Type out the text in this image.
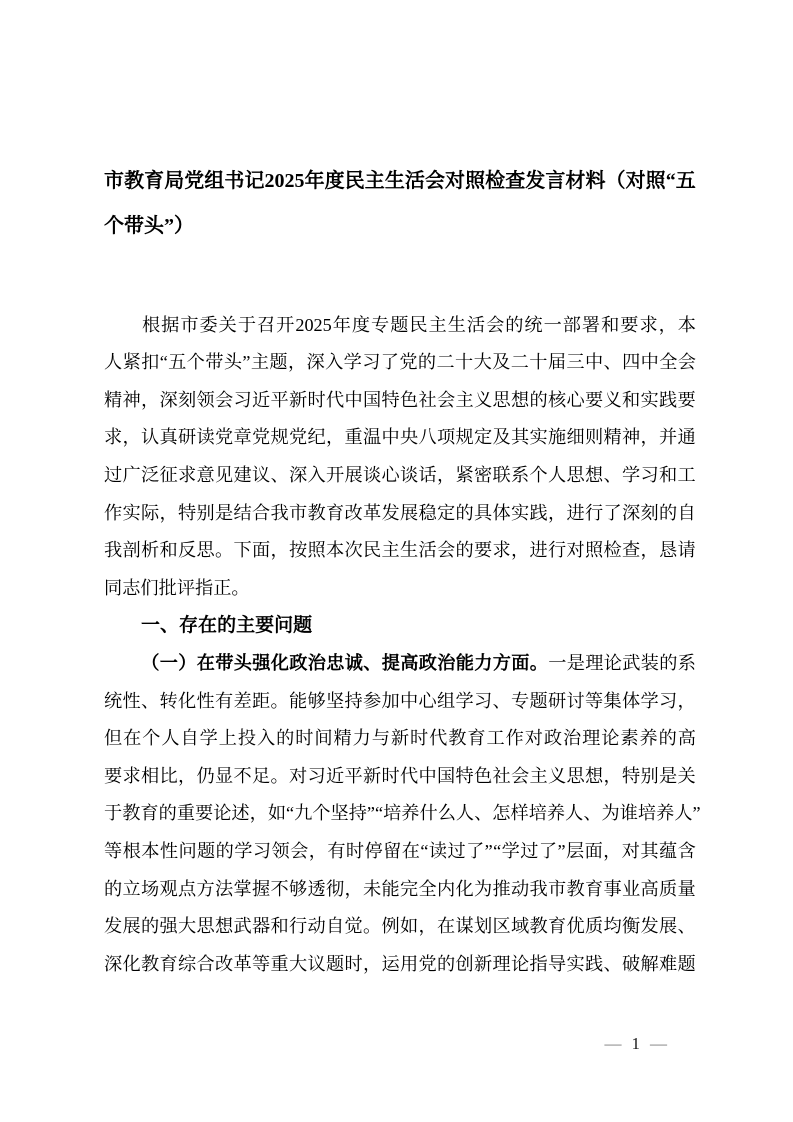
市 教 育 局 党 组 书 记 2025 年 度 民 主 生 活 会 对 照 检 查 发 言 材 料 （ 对 照 “ 五
个 带 头 ” ）
根 据 市 委 关 于 召 开 2025 年 度 专 题 民 主 生 活 会 的 统 一 部 署 和 要 求 ， 本
人 紧 扣 “ 五 个 带 头 ” 主 题 ， 深 入 学 习 了 党 的 二 十 大 及 二 十 届 三 中 、 四 中 全 会
精 神 ， 深 刻 领 会 习 近 平 新 时 代 中 国 特 色 社 会 主 义 思 想 的 核 心 要 义 和 实 践 要
求 ， 认 真 研 读 党 章 党 规 党 纪 ， 重 温 中 央 八 项 规 定 及 其 实 施 细 则 精 神 ， 并 通
过 广 泛 征 求 意 见 建 议 、 深 入 开 展 谈 心 谈 话 ， 紧 密 联 系 个 人 思 想 、 学 习 和 工
作 实 际 ， 特 别 是 结 合 我 市 教 育 改 革 发 展 稳 定 的 具 体 实 践 ， 进 行 了 深 刻 的 自
我 剖 析 和 反 思 。 下 面 ， 按 照 本 次 民 主 生 活 会 的 要 求 ， 进 行 对 照 检 查 ， 恳 请
同 志 们 批 评 指 正 。
一 、 存 在 的 主 要 问 题
（ 一 ） 在 带 头 强 化 政 治 忠 诚 、 提 高 政 治 能 力 方 面 。 一 是 理 论 武 装 的 系
统 性 、 转 化 性 有 差 距 。 能 够 坚 持 参 加 中 心 组 学 习 、 专 题 研 讨 等 集 体 学 习 ，
但 在 个 人 自 学 上 投 入 的 时 间 精 力 与 新 时 代 教 育 工 作 对 政 治 理 论 素 养 的 高
要 求 相 比 ， 仍 显 不 足 。 对 习 近 平 新 时 代 中 国 特 色 社 会 主 义 思 想 ， 特 别 是 关
于 教 育 的 重 要 论 述 ， 如 “ 九 个 坚 持 ” “ 培 养 什 么 人 、 怎 样 培 养 人 、 为 谁 培 养 人 ”
等 根 本 性 问 题 的 学 习 领 会 ， 有 时 停 留 在 “ 读 过 了 ” “ 学 过 了 ” 层 面 ， 对 其 蕴 含
的 立 场 观 点 方 法 掌 握 不 够 透 彻 ， 未 能 完 全 内 化 为 推 动 我 市 教 育 事 业 高 质 量
发 展 的 强 大 思 想 武 器 和 行 动 自 觉 。 例 如 ， 在 谋 划 区 域 教 育 优 质 均 衡 发 展 、
深 化 教 育 综 合 改 革 等 重 大 议 题 时 ， 运 用 党 的 创 新 理 论 指 导 实 践 、 破 解 难 题
— 1 —
